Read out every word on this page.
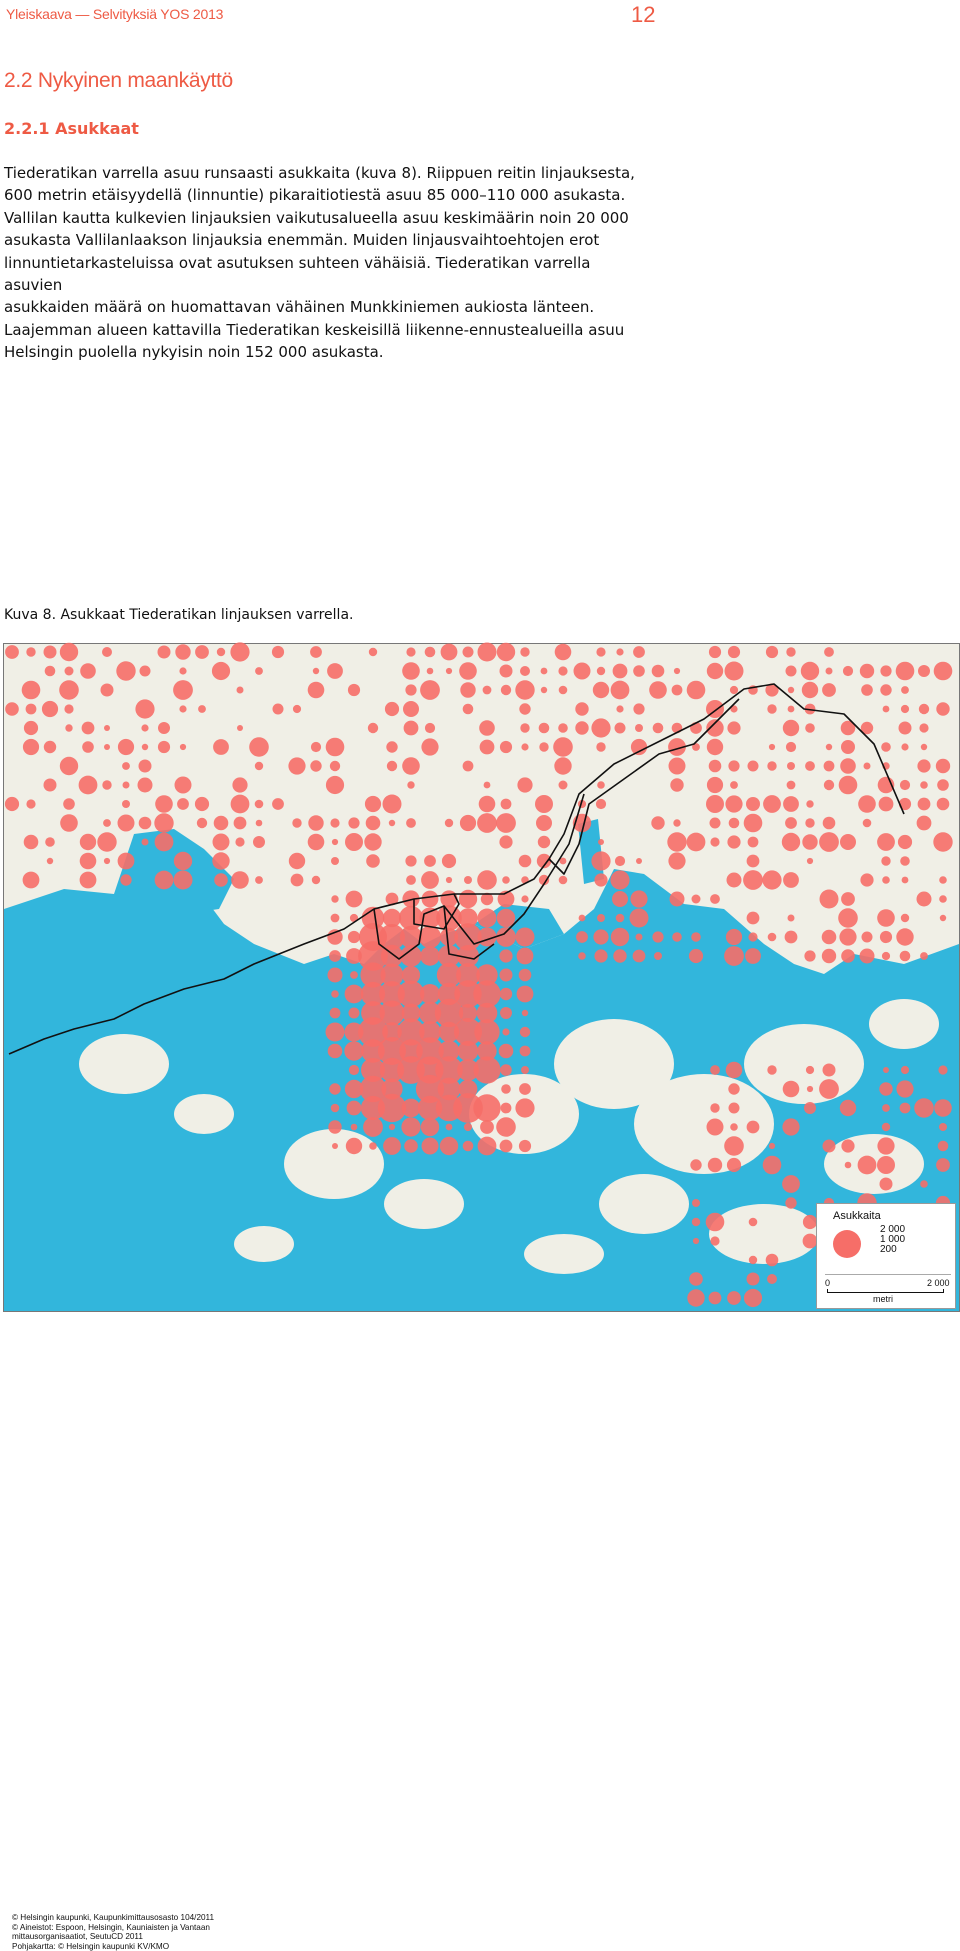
Yleiskaava — Selvityksiä YOS 2013	12
2.2 Nykyinen maankäyttö
2.2.1 Asukkaat
Tiederatikan varrella asuu runsaasti asukkaita (kuva 8). Riippuen reitin linjauksesta,
600 metrin etäisyydellä (linnuntie) pikaraitiotiestä asuu 85 000–110 000 asukasta.
Vallilan kautta kulkevien linjauksien vaikutusalueella asuu keskimäärin noin 20 000
asukasta Vallilanlaakson linjauksia enemmän. Muiden linjausvaihtoehtojen erot
linnuntietarkasteluissa ovat asutuksen suhteen vähäisiä. Tiederatikan varrella asuvien
asukkaiden määrä on huomattavan vähäinen Munkkiniemen aukiosta länteen.
Laajemman alueen kattavilla Tiederatikan keskeisillä liikenne-ennustealueilla asuu
Helsingin puolella nykyisin noin 152 000 asukasta.
Kuva 8. Asukkaat Tiederatikan linjauksen varrella.
© Helsingin kaupunki, Kaupunkimittausosasto 104/2011
© Aineistot: Espoon, Helsingin, Kauniaisten ja Vantaan
mittausorganisaatiot, SeutuCD 2011
Pohjakartta: © Helsingin kaupunki KV/KMO
Asukkaita
2 000
1 000
200
0	2 000
metri
